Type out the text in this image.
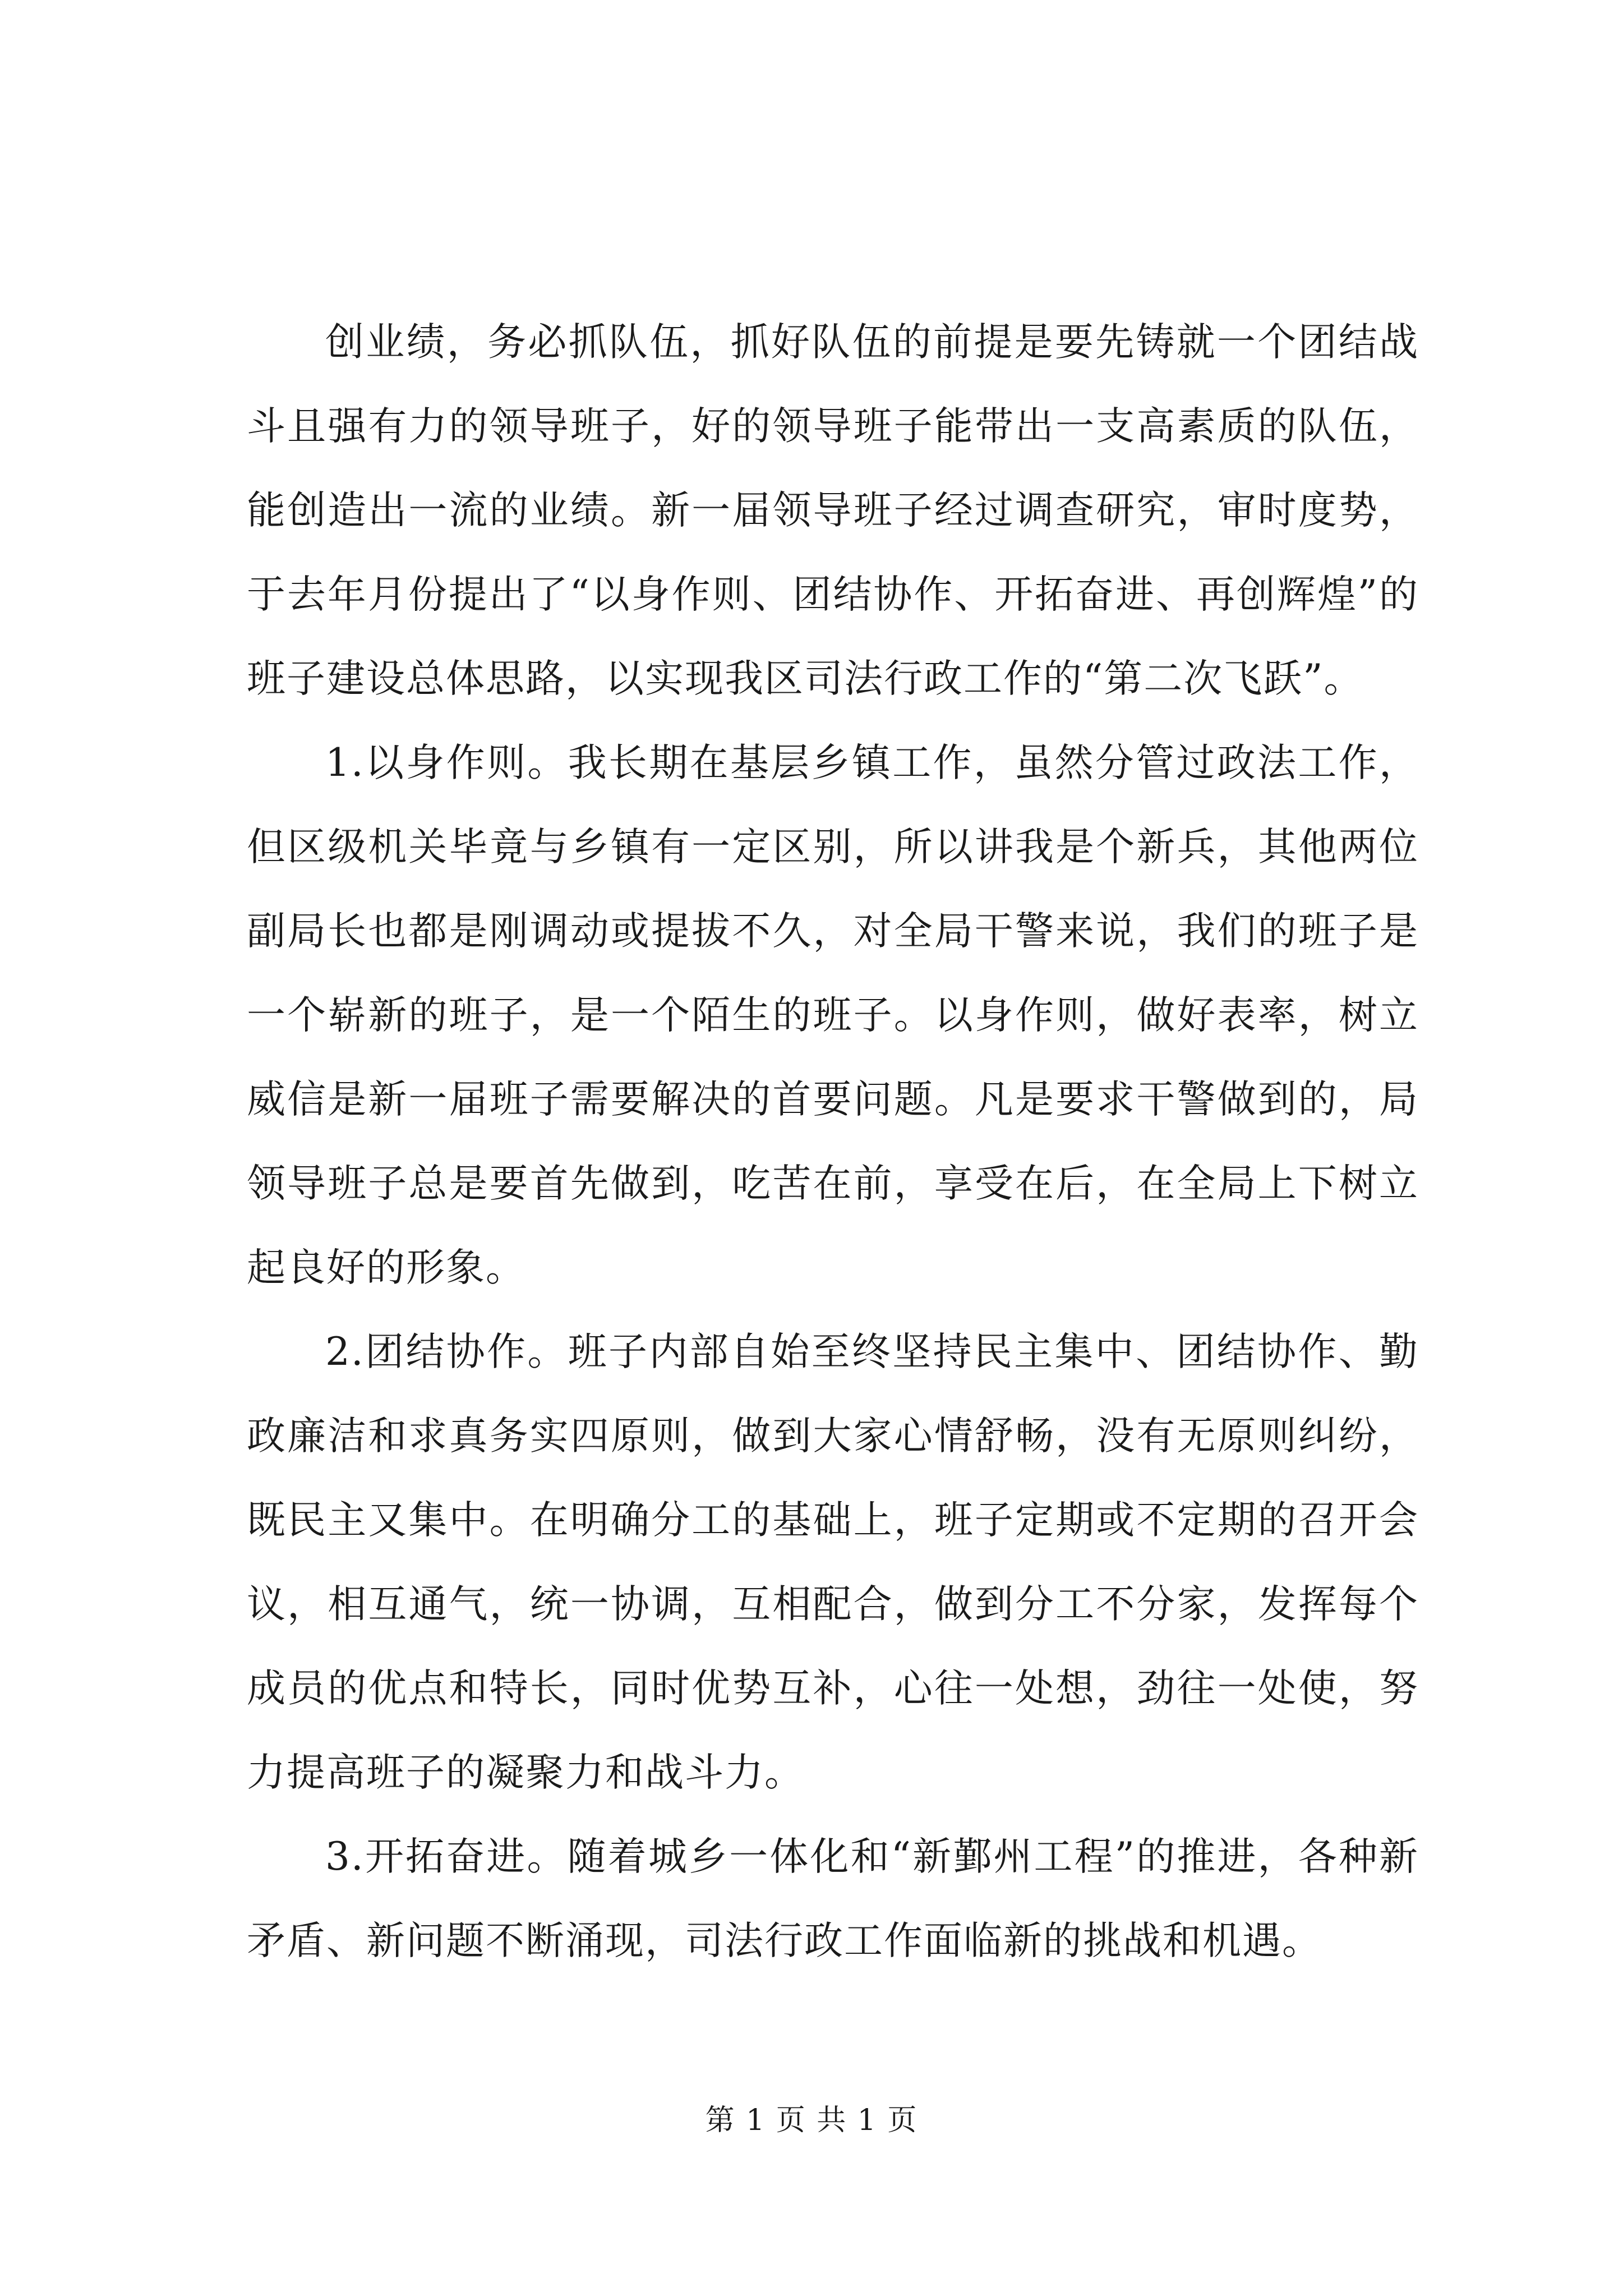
创业绩，务必抓队伍，抓好队伍的前提是要先铸就一个团结战斗且强有力的领导班子，好的领导班子能带出一支高素质的队伍，能创造出一流的业绩。新一届领导班子经过调查研究，审时度势，于去年月份提出了“以身作则、团结协作、开拓奋进、再创辉煌”的班子建设总体思路，以实现我区司法行政工作的“第二次飞跃”。

1.以身作则。我长期在基层乡镇工作，虽然分管过政法工作，但区级机关毕竟与乡镇有一定区别，所以讲我是个新兵，其他两位副局长也都是刚调动或提拔不久，对全局干警来说，我们的班子是一个崭新的班子，是一个陌生的班子。以身作则，做好表率，树立威信是新一届班子需要解决的首要问题。凡是要求干警做到的，局领导班子总是要首先做到，吃苦在前，享受在后，在全局上下树立起良好的形象。

2.团结协作。班子内部自始至终坚持民主集中、团结协作、勤政廉洁和求真务实四原则，做到大家心情舒畅，没有无原则纠纷，既民主又集中。在明确分工的基础上，班子定期或不定期的召开会议，相互通气，统一协调，互相配合，做到分工不分家，发挥每个成员的优点和特长，同时优势互补，心往一处想，劲往一处使，努力提高班子的凝聚力和战斗力。

3.开拓奋进。随着城乡一体化和“新鄞州工程”的推进，各种新矛盾、新问题不断涌现，司法行政工作面临新的挑战和机遇。

第 1 页 共 1 页
